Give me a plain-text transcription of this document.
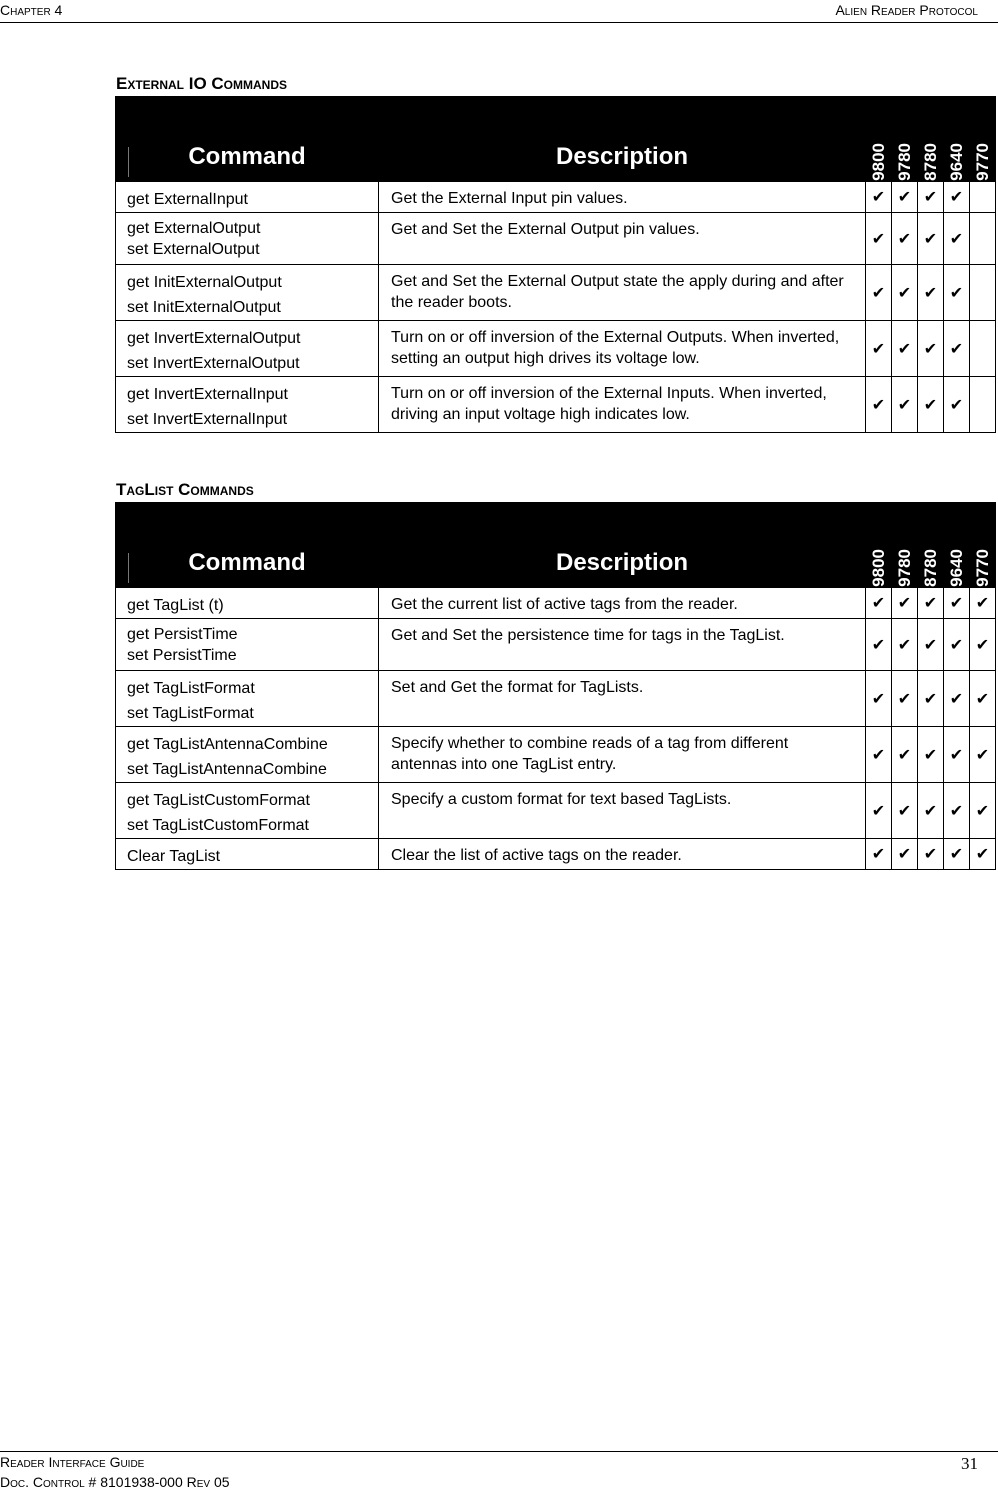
Chapter 4	Alien Reader Protocol
External IO Commands
Command	Description	9800	9780	8780	9640	9770

get ExternalInput	Get the External Input pin values.	✔	✔	✔	✔	

get ExternalOutput
set ExternalOutput	Get and Set the External Output pin values.	✔	✔	✔	✔	

get InitExternalOutput
set InitExternalOutput	Get and Set the External Output state the apply during and after the reader boots.	✔	✔	✔	✔	

get InvertExternalOutput
set InvertExternalOutput	Turn on or off inversion of the External Outputs. When inverted, setting an output high drives its voltage low.	✔	✔	✔	✔	

get InvertExternalInput
set InvertExternalInput	Turn on or off inversion of the External Inputs. When inverted, driving an input voltage high indicates low.	✔	✔	✔	✔	
TagList Commands
Command	Description	9800	9780	8780	9640	9770

get TagList (t)	Get the current list of active tags from the reader.	✔	✔	✔	✔	✔

get PersistTime
set PersistTime	Get and Set the persistence time for tags in the TagList.	✔	✔	✔	✔	✔

get TagListFormat
set TagListFormat	Set and Get the format for TagLists.	✔	✔	✔	✔	✔

get TagListAntennaCombine
set TagListAntennaCombine	Specify whether to combine reads of a tag from different antennas into one TagList entry.	✔	✔	✔	✔	✔

get TagListCustomFormat
set TagListCustomFormat	Specify a custom format for text based TagLists.	✔	✔	✔	✔	✔

Clear TagList	Clear the list of active tags on the reader.	✔	✔	✔	✔	✔
Reader Interface Guide
Doc. Control # 8101938-000 Rev 05
31
